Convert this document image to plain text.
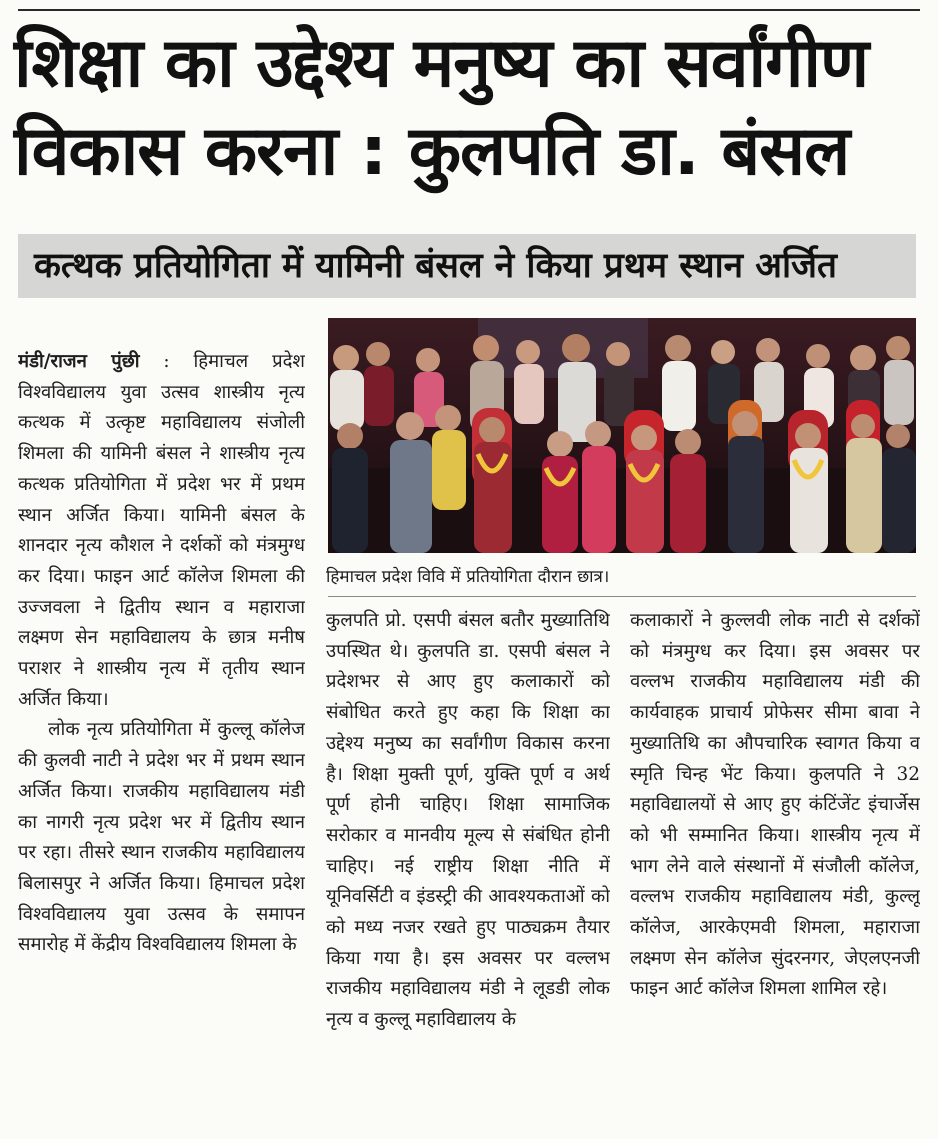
शिक्षा का उद्देश्य मनुष्य का सर्वांगीण विकास करना : कुलपति डा. बंसल
कत्थक प्रतियोगिता में यामिनी बंसल ने किया प्रथम स्थान अर्जित

मंडी/राजन पुंछी : हिमाचल प्रदेश विश्वविद्यालय युवा उत्सव शास्त्रीय नृत्य कत्थक में उत्कृष्ट महाविद्यालय संजोली शिमला की यामिनी बंसल ने शास्त्रीय नृत्य कत्थक प्रतियोगिता में प्रदेश भर में प्रथम स्थान अर्जित किया। यामिनी बंसल के शानदार नृत्य कौशल ने दर्शकों को मंत्रमुग्ध कर दिया। फाइन आर्ट कॉलेज शिमला की उज्जवला ने द्वितीय स्थान व महाराजा लक्ष्मण सेन महाविद्यालय के छात्र मनीष पराशर ने शास्त्रीय नृत्य में तृतीय स्थान अर्जित किया।

लोक नृत्य प्रतियोगिता में कुल्लू कॉलेज की कुलवी नाटी ने प्रदेश भर में प्रथम स्थान अर्जित किया। राजकीय महाविद्यालय मंडी का नागरी नृत्य प्रदेश भर में द्वितीय स्थान पर रहा। तीसरे स्थान राजकीय महाविद्यालय बिलासपुर ने अर्जित किया। हिमाचल प्रदेश विश्वविद्यालय युवा उत्सव के समापन समारोह में केंद्रीय विश्वविद्यालय शिमला के

हिमाचल प्रदेश विवि में प्रतियोगिता दौरान छात्र।

कुलपति प्रो. एसपी बंसल बतौर मुख्यातिथि उपस्थित थे। कुलपति डा. एसपी बंसल ने प्रदेशभर से आए हुए कलाकारों को संबोधित करते हुए कहा कि शिक्षा का उद्देश्य मनुष्य का सर्वांगीण विकास करना है। शिक्षा मुक्ती पूर्ण, युक्ति पूर्ण व अर्थ पूर्ण होनी चाहिए। शिक्षा सामाजिक सरोकार व मानवीय मूल्य से संबंधित होनी चाहिए। नई राष्ट्रीय शिक्षा नीति में यूनिवर्सिटी व इंडस्ट्री की आवश्यकताओं को को मध्य नजर रखते हुए पाठ्यक्रम तैयार किया गया है। इस अवसर पर वल्लभ राजकीय महाविद्यालय मंडी ने लूडडी लोक नृत्य व कुल्लू महाविद्यालय के

कलाकारों ने कुल्लवी लोक नाटी से दर्शकों को मंत्रमुग्ध कर दिया। इस अवसर पर वल्लभ राजकीय महाविद्यालय मंडी की कार्यवाहक प्राचार्य प्रोफेसर सीमा बावा ने मुख्यातिथि का औपचारिक स्वागत किया व स्मृति चिन्ह भेंट किया। कुलपति ने 32 महाविद्यालयों से आए हुए कंटिंजेंट इंचार्जेस को भी सम्मानित किया। शास्त्रीय नृत्य में भाग लेने वाले संस्थानों में संजौली कॉलेज, वल्लभ राजकीय महाविद्यालय मंडी, कुल्लू कॉलेज, आरकेएमवी शिमला, महाराजा लक्ष्मण सेन कॉलेज सुंदरनगर, जेएलएनजी फाइन आर्ट कॉलेज शिमला शामिल रहे।
